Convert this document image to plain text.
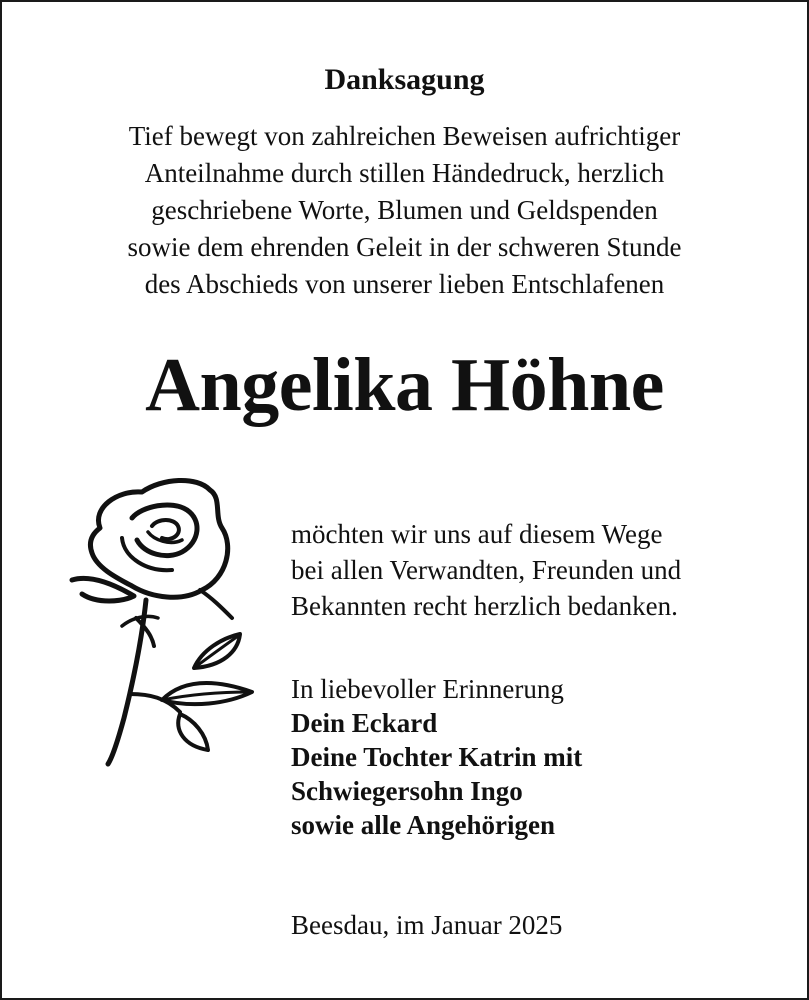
Danksagung
Tief bewegt von zahlreichen Beweisen aufrichtiger
Anteilnahme durch stillen Händedruck, herzlich
geschriebene Worte, Blumen und Geldspenden
sowie dem ehrenden Geleit in der schweren Stunde
des Abschieds von unserer lieben Entschlafenen
Angelika Höhne
möchten wir uns auf diesem Wege
bei allen Verwandten, Freunden und
Bekannten recht herzlich bedanken.
In liebevoller Erinnerung
Dein Eckard
Deine Tochter Katrin mit
Schwiegersohn Ingo
sowie alle Angehörigen
Beesdau, im Januar 2025
